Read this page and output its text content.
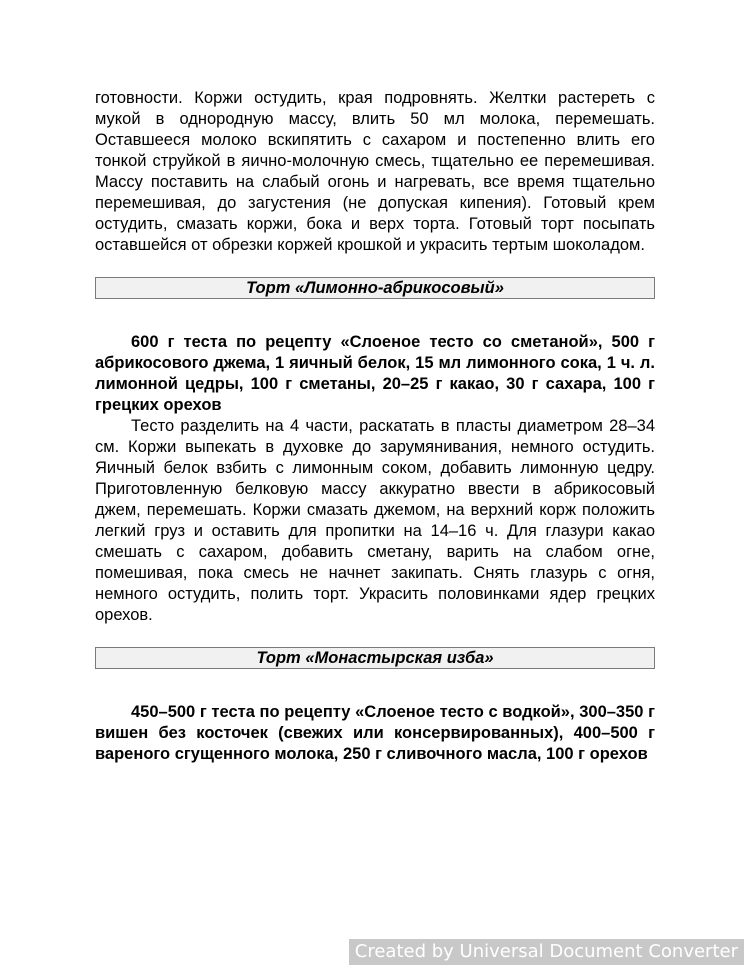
готовности. Коржи остудить, края подровнять. Желтки растереть с мукой в однородную массу, влить 50 мл молока, перемешать. Оставшееся молоко вскипятить с сахаром и постепенно влить его тонкой струйкой в яично-молочную смесь, тщательно ее перемешивая. Массу поставить на слабый огонь и нагревать, все время тщательно перемешивая, до загустения (не допуская кипения). Готовый крем остудить, смазать коржи, бока и верх торта. Готовый торт посыпать оставшейся от обрезки коржей крошкой и украсить тертым шоколадом.

Торт «Лимонно-абрикосовый»

600 г теста по рецепту «Слоеное тесто со сметаной», 500 г абрикосового джема, 1 яичный белок, 15 мл лимонного сока, 1 ч. л. лимонной цедры, 100 г сметаны, 20–25 г какао, 30 г сахара, 100 г грецких орехов

Тесто разделить на 4 части, раскатать в пласты диаметром 28–34 см. Коржи выпекать в духовке до зарумянивания, немного остудить. Яичный белок взбить с лимонным соком, добавить лимонную цедру. Приготовленную белковую массу аккуратно ввести в абрикосовый джем, перемешать. Коржи смазать джемом, на верхний корж положить легкий груз и оставить для пропитки на 14–16 ч. Для глазури какао смешать с сахаром, добавить сметану, варить на слабом огне, помешивая, пока смесь не начнет закипать. Снять глазурь с огня, немного остудить, полить торт. Украсить половинками ядер грецких орехов.

Торт «Монастырская изба»

450–500 г теста по рецепту «Слоеное тесто с водкой», 300–350 г вишен без косточек (свежих или консервированных), 400–500 г вареного сгущенного молока, 250 г сливочного масла, 100 г орехов

Created by Universal Document Converter
